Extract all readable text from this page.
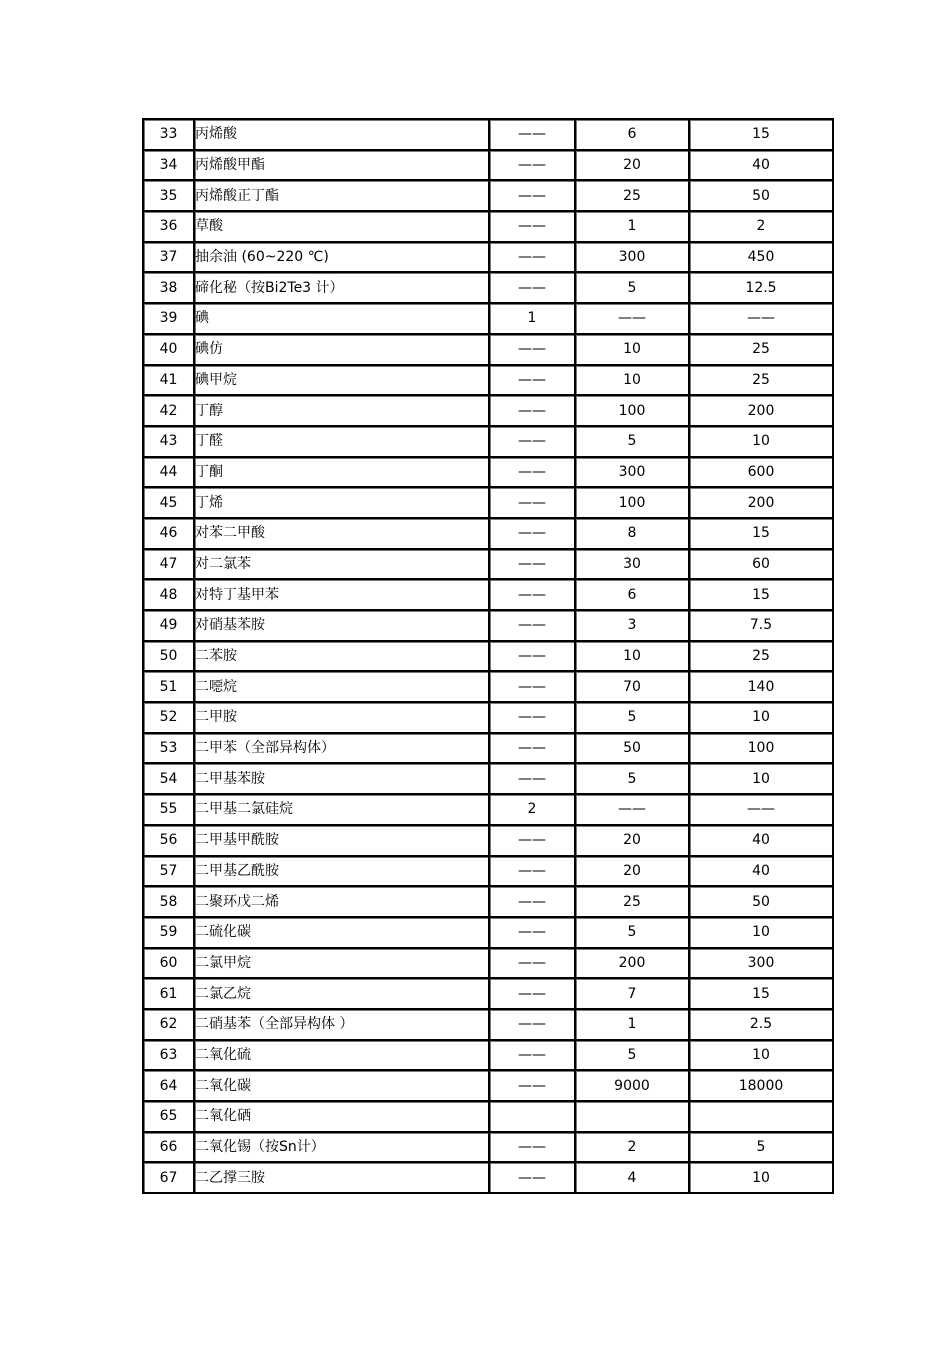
33	丙烯酸	——	6	15
34	丙烯酸甲酯	——	20	40
35	丙烯酸正丁酯	——	25	50
36	草酸	——	1	2
37	抽余油 (60~220 ℃)	——	300	450
38	碲化秘（按Bi2Te3 计）	——	5	12.5
39	碘	1	——	——
40	碘仿	——	10	25
41	碘甲烷	——	10	25
42	丁醇	——	100	200
43	丁醛	——	5	10
44	丁酮	——	300	600
45	丁烯	——	100	200
46	对苯二甲酸	——	8	15
47	对二氯苯	——	30	60
48	对特丁基甲苯	——	6	15
49	对硝基苯胺	——	3	7.5
50	二苯胺	——	10	25
51	二噁烷	——	70	140
52	二甲胺	——	5	10
53	二甲苯（全部异构体）	——	50	100
54	二甲基苯胺	——	5	10
55	二甲基二氯硅烷	2	——	——
56	二甲基甲酰胺	——	20	40
57	二甲基乙酰胺	——	20	40
58	二聚环戊二烯	——	25	50
59	二硫化碳	——	5	10
60	二氯甲烷	——	200	300
61	二氯乙烷	——	7	15
62	二硝基苯（全部异构体 ）	——	1	2.5
63	二氧化硫	——	5	10
64	二氧化碳	——	9000	18000
65	二氧化硒			
66	二氧化锡（按Sn计）	——	2	5
67	二乙撑三胺	——	4	10
